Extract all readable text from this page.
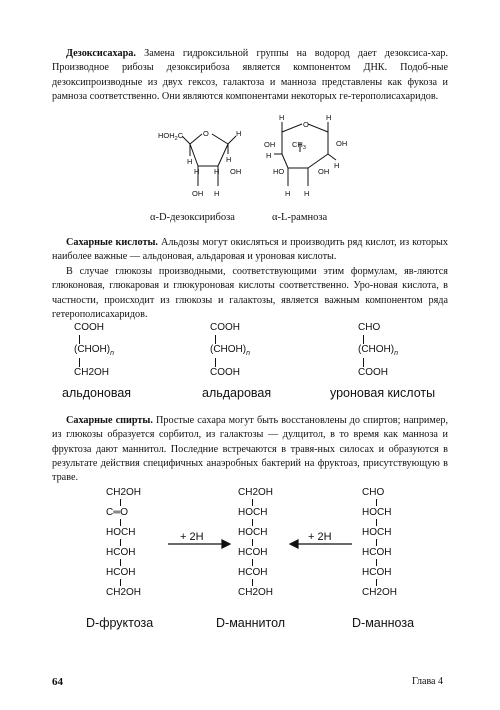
Дезоксисахара. Замена гидроксильной группы на водород дает дезоксиса-хар. Производное рибозы дезоксирибоза является компонентом ДНК. Подоб-ные дезоксипроизводные из двух гексоз, галактоза и манноза представлены как фукоза и рамноза соответственно. Они являются компонентами некоторых ге-терополисахаридов.
$HOH_2C$	O
H	H
H
H H OH
OH H
H
O
H
OH $CH_3$	OH
H
H
HO	OH
H H
α-D-дезоксирибоза	α-L-рамноза
Сахарные кислоты. Альдозы могут окисляться и производить ряд кислот, из которых наиболее важные — альдоновая, альдаровая и уроновая кислоты.
В случае глюкозы производными, соответствующими этим формулам, яв-ляются глюконовая, глюкаровая и глюкуроновая кислоты соответственно. Уро-новая кислота, в частности, происходит из глюкозы и галактозы, является важным компонентом ряда гетерополисахаридов.
COOH
$(CHOH)_n$
CH2OH
COOH
$(CHOH)_n$
COOH
CHO
$(CHOH)_n$
COOH
альдоновая	альдаровая	уроновая кислоты
Сахарные спирты. Простые сахара могут быть восстановлены до спиртов; например, из глюкозы образуется сорбитол, из галактозы — дулцитол, в то время как манноза и фруктоза дают маннитол. Последние встречаются в травя-ных силосах и образуются в результате действия специфичных анаэробных бактерий на фруктоаз, присутствующую в траве.
CH2OH
C═O
HOCH
HCOH
HCOH
CH2OH
CH2OH
HOCH
HOCH
HCOH
HCOH
CH2OH
CHO
HOCH
HOCH
HCOH
HCOH
CH2OH
+ 2H	+ 2H
D-фруктоза	D-маннитол	D-манноза
64	Глава 4
